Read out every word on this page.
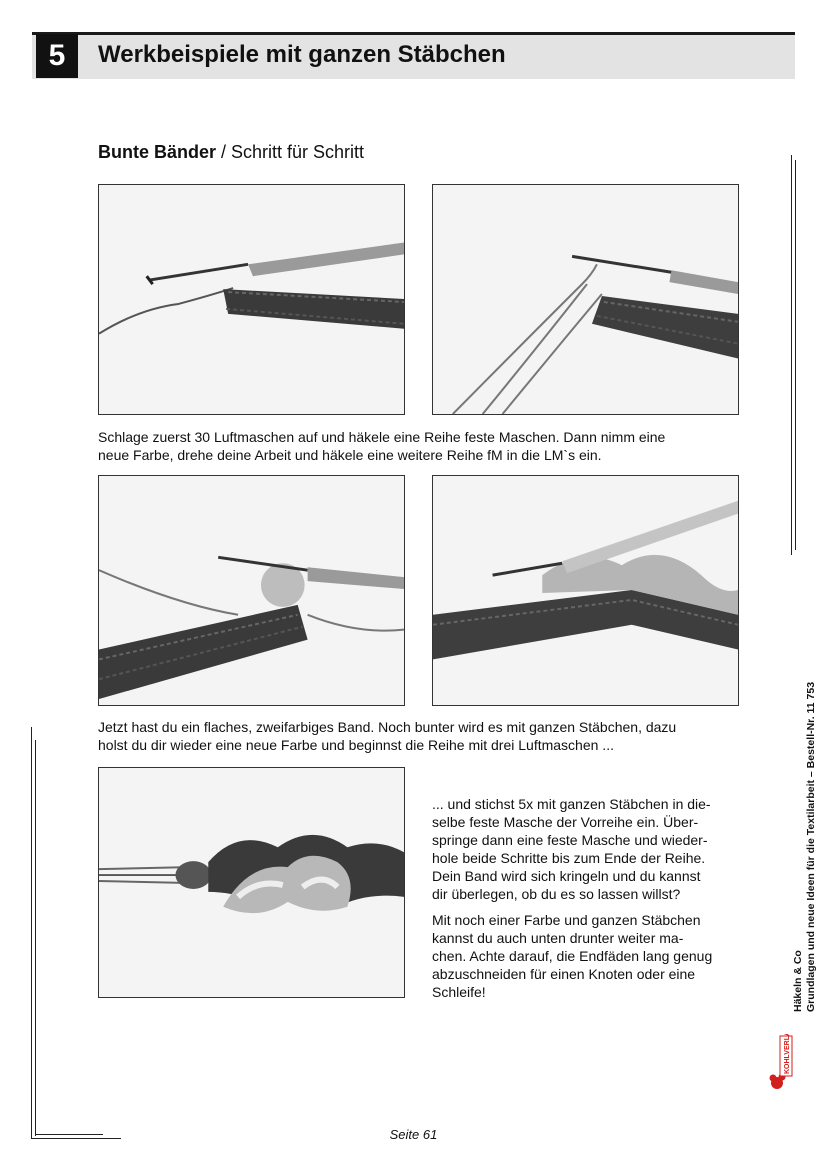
5	Werkbeispiele mit ganzen Stäbchen
Bunte Bänder / Schritt für Schritt
Schlage zuerst 30 Luftmaschen auf und häkele eine Reihe feste Maschen. Dann nimm eine
neue Farbe, drehe deine Arbeit und häkele eine weitere Reihe fM in die LM`s ein.
Jetzt hast du ein flaches, zweifarbiges Band. Noch bunter wird es mit ganzen Stäbchen, dazu
holst du dir wieder eine neue Farbe und beginnst die Reihe mit drei Luftmaschen ...
... und stichst 5x mit ganzen Stäbchen in die-
selbe feste Masche der Vorreihe ein. Über-
springe dann eine feste Masche und wieder-
hole beide Schritte bis zum Ende der Reihe.
Dein Band wird sich kringeln und du kannst
dir überlegen, ob du es so lassen willst?
Mit noch einer Farbe und ganzen Stäbchen
kannst du auch unten drunter weiter ma-
chen. Achte darauf, die Endfäden lang genug
abzuschneiden für einen Knoten oder eine
Schleife!	Häkeln & Co Grundlagen und neue Ideen für die Textilarbeit – Bestell-Nr. 11 753
KOHLVERLAG
Seite 61
